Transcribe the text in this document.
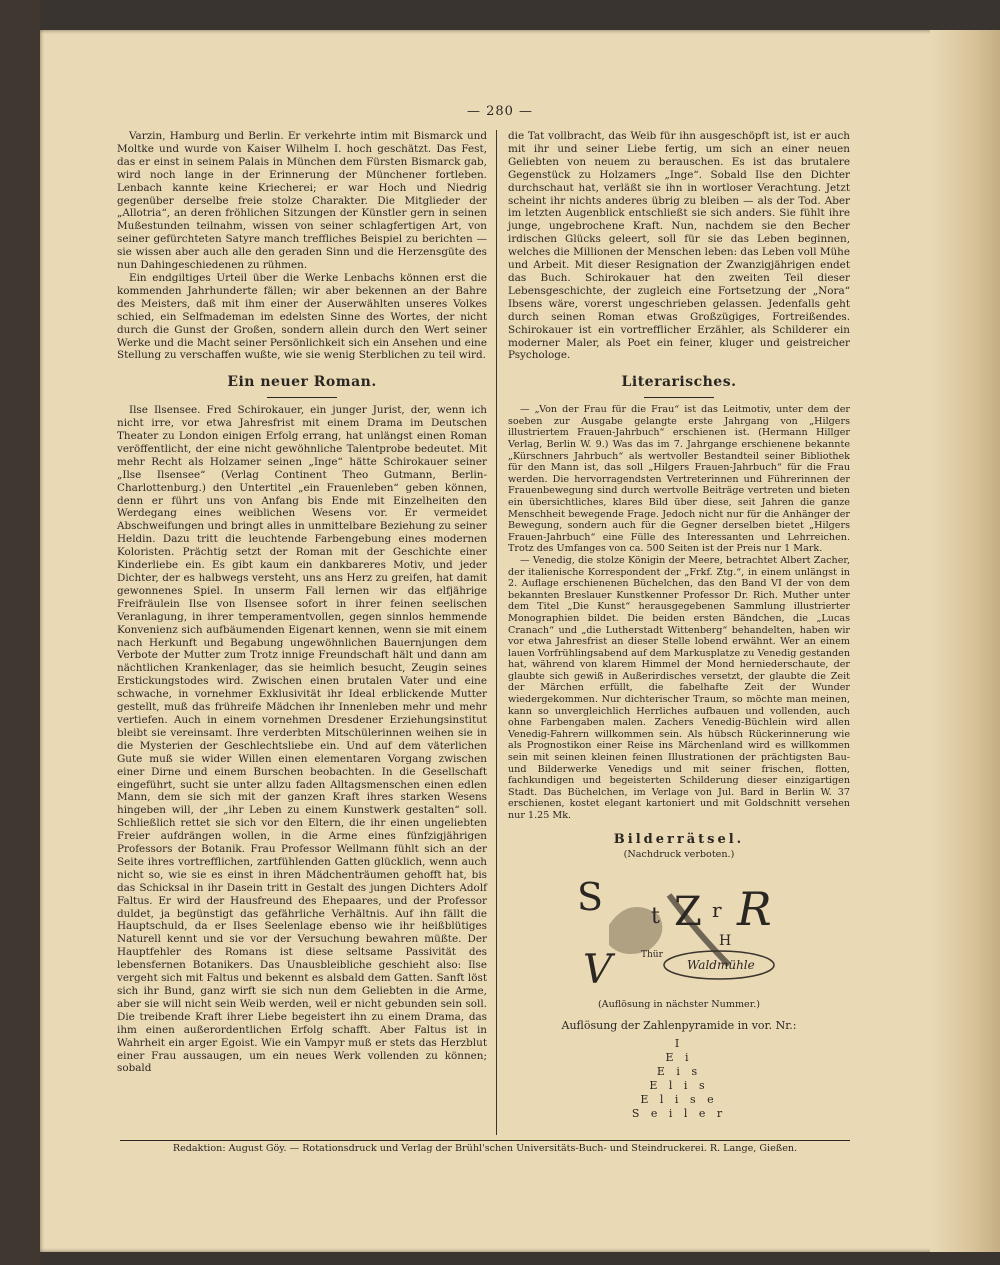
— 280 —

Varzin, Hamburg und Berlin. Er verkehrte intim mit Bismarck und Moltke und wurde von Kaiser Wilhelm I. hoch geschätzt. Das Fest, das er einst in seinem Palais in München dem Fürsten Bismarck gab, wird noch lange in der Erinnerung der Münchener fortleben. Lenbach kannte keine Kriecherei; er war Hoch und Niedrig gegenüber derselbe freie stolze Charakter. Die Mitglieder der „Allotria“, an deren fröhlichen Sitzungen der Künstler gern in seinen Mußestunden teilnahm, wissen von seiner schlagfertigen Art, von seiner gefürchteten Satyre manch treffliches Beispiel zu berichten — sie wissen aber auch alle den geraden Sinn und die Herzensgüte des nun Dahingeschiedenen zu rühmen.

Ein endgiltiges Urteil über die Werke Lenbachs können erst die kommenden Jahrhunderte fällen; wir aber bekennen an der Bahre des Meisters, daß mit ihm einer der Auserwählten unseres Volkes schied, ein Selfmademan im edelsten Sinne des Wortes, der nicht durch die Gunst der Großen, sondern allein durch den Wert seiner Werke und die Macht seiner Persönlichkeit sich ein Ansehen und eine Stellung zu verschaffen wußte, wie sie wenig Sterblichen zu teil wird.

Ein neuer Roman.

Ilse Ilsensee. Fred Schirokauer, ein junger Jurist, der, wenn ich nicht irre, vor etwa Jahresfrist mit einem Drama im Deutschen Theater zu London einigen Erfolg errang, hat unlängst einen Roman veröffentlicht, der eine nicht gewöhnliche Talentprobe bedeutet. Mit mehr Recht als Holzamer seinen „Inge“ hätte Schirokauer seiner „Ilse Ilsensee“ (Verlag Continent Theo Gutmann, Berlin-Charlottenburg.) den Untertitel „ein Frauenleben“ geben können, denn er führt uns von Anfang bis Ende mit Einzelheiten den Werdegang eines weiblichen Wesens vor. Er vermeidet Abschweifungen und bringt alles in unmittelbare Beziehung zu seiner Heldin. Dazu tritt die leuchtende Farbengebung eines modernen Koloristen. Prächtig setzt der Roman mit der Geschichte einer Kinderliebe ein. Es gibt kaum ein dankbareres Motiv, und jeder Dichter, der es halbwegs versteht, uns ans Herz zu greifen, hat damit gewonnenes Spiel. In unserm Fall lernen wir das elfjährige Freifräulein Ilse von Ilsensee sofort in ihrer feinen seelischen Veranlagung, in ihrer temperamentvollen, gegen sinnlos hemmende Konvenienz sich aufbäumenden Eigenart kennen, wenn sie mit einem nach Herkunft und Begabung ungewöhnlichen Bauernjungen dem Verbote der Mutter zum Trotz innige Freundschaft hält und dann am nächtlichen Krankenlager, das sie heimlich besucht, Zeugin seines Erstickungstodes wird. Zwischen einen brutalen Vater und eine schwache, in vornehmer Exklusivität ihr Ideal erblickende Mutter gestellt, muß das frühreife Mädchen ihr Innenleben mehr und mehr vertiefen. Auch in einem vornehmen Dresdener Erziehungsinstitut bleibt sie vereinsamt. Ihre verderbten Mitschülerinnen weihen sie in die Mysterien der Geschlechtsliebe ein. Und auf dem väterlichen Gute muß sie wider Willen einen elementaren Vorgang zwischen einer Dirne und einem Burschen beobachten. In die Gesellschaft eingeführt, sucht sie unter allzu faden Alltagsmenschen einen edlen Mann, dem sie sich mit der ganzen Kraft ihres starken Wesens hingeben will, der „ihr Leben zu einem Kunstwerk gestalten“ soll. Schließlich rettet sie sich vor den Eltern, die ihr einen ungeliebten Freier aufdrängen wollen, in die Arme eines fünfzigjährigen Professors der Botanik. Frau Professor Wellmann fühlt sich an der Seite ihres vortrefflichen, zartfühlenden Gatten glücklich, wenn auch nicht so, wie sie es einst in ihren Mädchenträumen gehofft hat, bis das Schicksal in ihr Dasein tritt in Gestalt des jungen Dichters Adolf Faltus. Er wird der Hausfreund des Ehepaares, und der Professor duldet, ja begünstigt das gefährliche Verhältnis. Auf ihn fällt die Hauptschuld, da er Ilses Seelenlage ebenso wie ihr heißblütiges Naturell kennt und sie vor der Versuchung bewahren müßte. Der Hauptfehler des Romans ist diese seltsame Passivität des lebensfernen Botanikers. Das Unausbleibliche geschieht also: Ilse vergeht sich mit Faltus und bekennt es alsbald dem Gatten. Sanft löst sich ihr Bund, ganz wirft sie sich nun dem Geliebten in die Arme, aber sie will nicht sein Weib werden, weil er nicht gebunden sein soll. Die treibende Kraft ihrer Liebe begeistert ihn zu einem Drama, das ihm einen außerordentlichen Erfolg schafft. Aber Faltus ist in Wahrheit ein arger Egoist. Wie ein Vampyr muß er stets das Herzblut einer Frau aussaugen, um ein neues Werk vollenden zu können; sobald

die Tat vollbracht, das Weib für ihn ausgeschöpft ist, ist er auch mit ihr und seiner Liebe fertig, um sich an einer neuen Geliebten von neuem zu berauschen. Es ist das brutalere Gegenstück zu Holzamers „Inge“. Sobald Ilse den Dichter durchschaut hat, verläßt sie ihn in wortloser Verachtung. Jetzt scheint ihr nichts anderes übrig zu bleiben — als der Tod. Aber im letzten Augenblick entschließt sie sich anders. Sie fühlt ihre junge, ungebrochene Kraft. Nun, nachdem sie den Becher irdischen Glücks geleert, soll für sie das Leben beginnen, welches die Millionen der Menschen leben: das Leben voll Mühe und Arbeit. Mit dieser Resignation der Zwanzigjährigen endet das Buch. Schirokauer hat den zweiten Teil dieser Lebensgeschichte, der zugleich eine Fortsetzung der „Nora“ Ibsens wäre, vorerst ungeschrieben gelassen. Jedenfalls geht durch seinen Roman etwas Großzügiges, Fortreißendes. Schirokauer ist ein vortrefflicher Erzähler, als Schilderer ein moderner Maler, als Poet ein feiner, kluger und geistreicher Psychologe.

Literarisches.

— „Von der Frau für die Frau“ ist das Leitmotiv, unter dem der soeben zur Ausgabe gelangte erste Jahrgang von „Hilgers illustriertem Frauen-Jahrbuch“ erschienen ist. (Hermann Hillger Verlag, Berlin W. 9.) Was das im 7. Jahrgange erschienene bekannte „Kürschners Jahrbuch“ als wertvoller Bestandteil seiner Bibliothek für den Mann ist, das soll „Hilgers Frauen-Jahrbuch“ für die Frau werden. Die hervorragendsten Vertreterinnen und Führerinnen der Frauenbewegung sind durch wertvolle Beiträge vertreten und bieten ein übersichtliches, klares Bild über diese, seit Jahren die ganze Menschheit bewegende Frage. Jedoch nicht nur für die Anhänger der Bewegung, sondern auch für die Gegner derselben bietet „Hilgers Frauen-Jahrbuch“ eine Fülle des Interessanten und Lehrreichen. Trotz des Umfanges von ca. 500 Seiten ist der Preis nur 1 Mark.

— Venedig, die stolze Königin der Meere, betrachtet Albert Zacher, der italienische Korrespondent der „Frkf. Ztg.“, in einem unlängst in 2. Auflage erschienenen Büchelchen, das den Band VI der von dem bekannten Breslauer Kunstkenner Professor Dr. Rich. Muther unter dem Titel „Die Kunst“ herausgegebenen Sammlung illustrierter Monographien bildet. Die beiden ersten Bändchen, die „Lucas Cranach“ und „die Lutherstadt Wittenberg“ behandelten, haben wir vor etwa Jahresfrist an dieser Stelle lobend erwähnt. Wer an einem lauen Vorfrühlingsabend auf dem Markusplatze zu Venedig gestanden hat, während von klarem Himmel der Mond herniederschaute, der glaubte sich gewiß in Außerirdisches versetzt, der glaubte die Zeit der Märchen erfüllt, die fabelhafte Zeit der Wunder wiedergekommen. Nur dichterischer Traum, so möchte man meinen, kann so unvergleichlich Herrliches aufbauen und vollenden, auch ohne Farbengaben malen. Zachers Venedig-Büchlein wird allen Venedig-Fahrern willkommen sein. Als hübsch Rückerinnerung wie als Prognostikon einer Reise ins Märchenland wird es willkommen sein mit seinen kleinen feinen Illustrationen der prächtigsten Bau- und Bilderwerke Venedigs und mit seiner frischen, flotten, fachkundigen und begeisterten Schilderung dieser einzigartigen Stadt. Das Büchelchen, im Verlage von Jul. Bard in Berlin W. 37 erschienen, kostet elegant kartoniert und mit Goldschnitt versehen nur 1.25 Mk.

Bilderrätsel.
(Nachdruck verboten.)
S t Z r R
H
V	Thür
Waldmühle
(Auflösung in nächster Nummer.)
Auflösung der Zahlenpyramide in vor. Nr.:
I
E i
E i s
E l i s
E l i s e
S e i l e r
Redaktion: August Göy. — Rotationsdruck und Verlag der Brühl'schen Universitäts-Buch- und Steindruckerei. R. Lange, Gießen.
